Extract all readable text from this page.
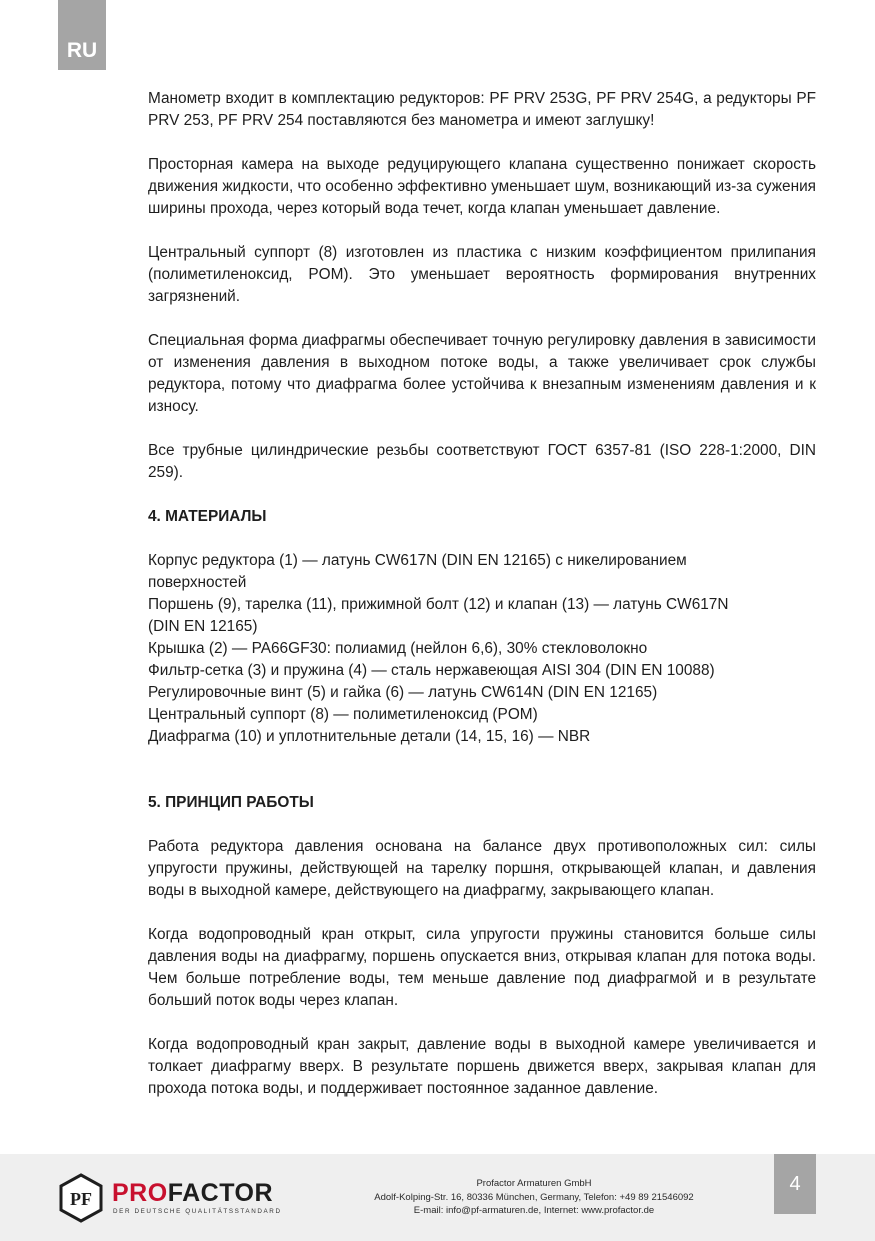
RU

Манометр входит в комплектацию редукторов: PF PRV 253G, PF PRV 254G, а редукторы PF PRV 253, PF PRV 254 поставляются без манометра и имеют заглушку!

Просторная камера на выходе редуцирующего клапана существенно понижает скорость движения жидкости, что особенно эффективно уменьшает шум, возникающий из-за сужения ширины прохода, через который вода течет, когда клапан уменьшает давление.

Центральный суппорт (8) изготовлен из пластика с низким коэффициентом прилипания (полиметиленоксид, POM). Это уменьшает вероятность формирования внутренних загрязнений.

Специальная форма диафрагмы обеспечивает точную регулировку давления в зависимости от изменения давления в выходном потоке воды, а также увеличивает срок службы редуктора, потому что диафрагма более устойчива к внезапным изменениям давления и к износу.

Все трубные цилиндрические резьбы соответствуют ГОСТ 6357-81 (ISO 228-1:2000, DIN 259).

4. МАТЕРИАЛЫ

Корпус редуктора (1) — латунь CW617N (DIN EN 12165) с никелированием

поверхностей

Поршень (9), тарелка (11), прижимной болт (12) и клапан (13) — латунь CW617N

(DIN EN 12165)

Крышка (2) — PA66GF30: полиамид (нейлон 6,6), 30% стекловолокно

Фильтр-сетка (3) и пружина (4) — сталь нержавеющая AISI 304 (DIN EN 10088)

Регулировочные винт (5) и гайка (6) — латунь CW614N (DIN EN 12165)

Центральный суппорт (8) — полиметиленоксид (POM)

Диафрагма (10) и уплотнительные детали (14, 15, 16) — NBR

5. ПРИНЦИП РАБОТЫ

Работа редуктора давления основана на балансе двух противоположных сил: силы упругости пружины, действующей на тарелку поршня, открывающей клапан, и давления воды в выходной камере, действующего на диафрагму, закрывающего клапан.

Когда водопроводный кран открыт, сила упругости пружины становится больше силы давления воды на диафрагму, поршень опускается вниз, открывая клапан для потока воды. Чем больше потребление воды, тем меньше давление под диафрагмой и в результате больший поток воды через клапан.

Когда водопроводный кран закрыт, давление воды в выходной камере увеличивается и толкает диафрагму вверх. В результате поршень движется вверх, закрывая клапан для прохода потока воды, и поддерживает постоянное заданное давление.

PF PROFACTOR
DER DEUTSCHE QUALITÄTSSTANDARD
Profactor Armaturen GmbH
Adolf-Kolping-Str. 16, 80336 München, Germany, Telefon: +49 89 21546092
E-mail: info@pf-armaturen.de, Internet: www.profactor.de
4
